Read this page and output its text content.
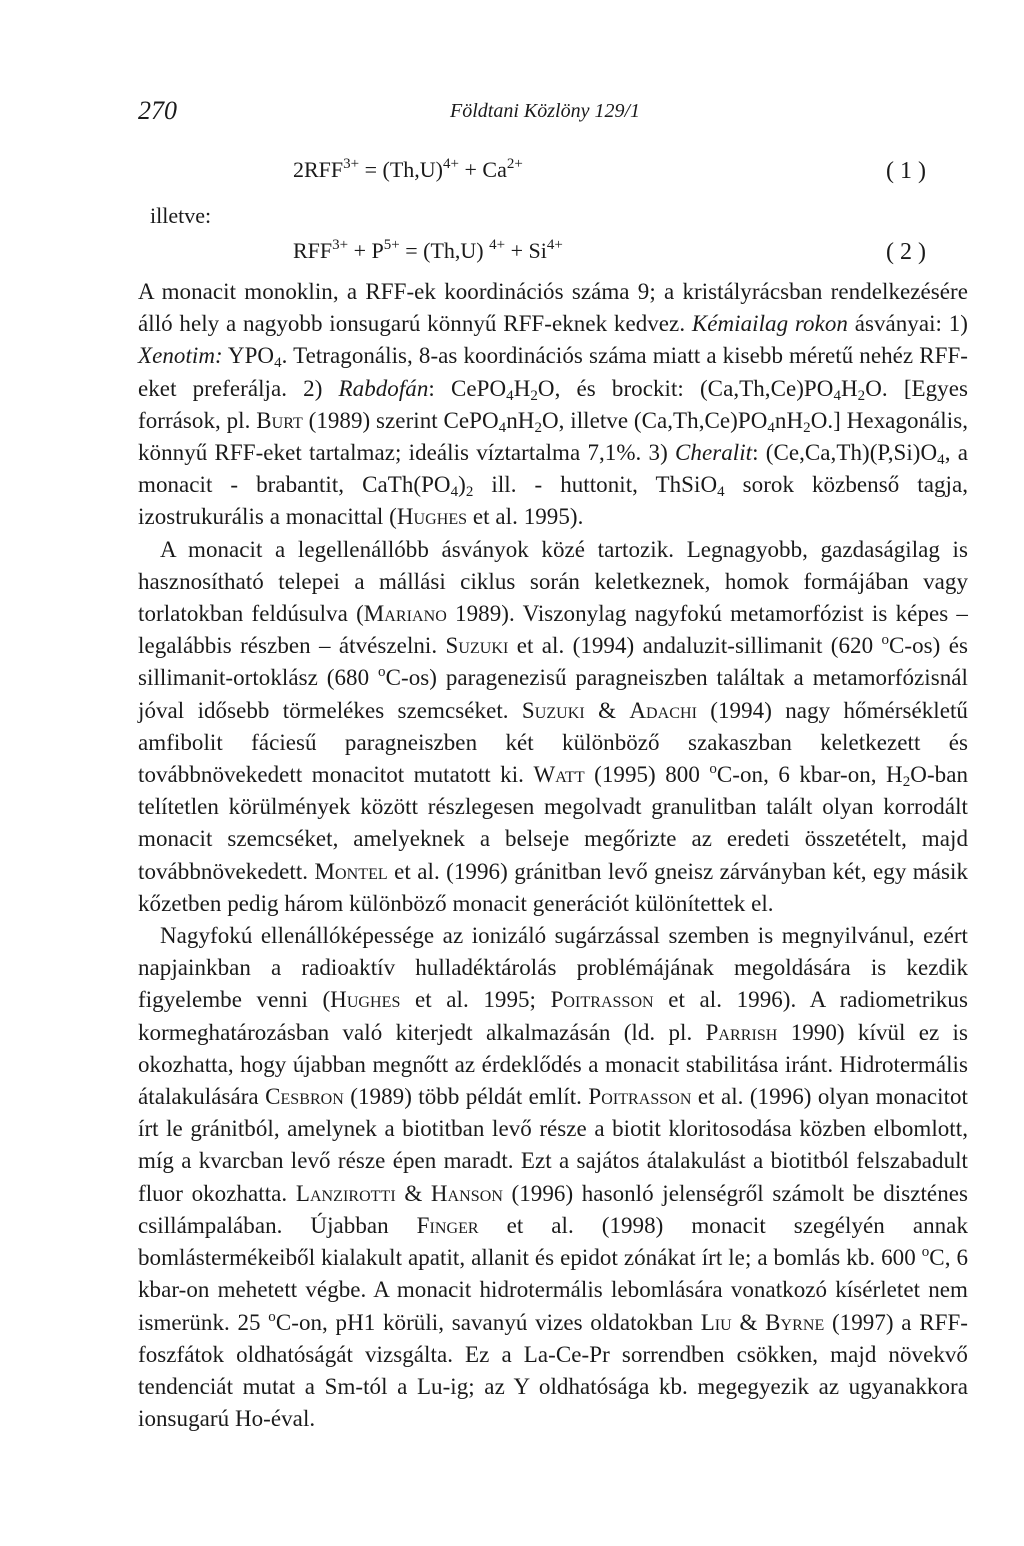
270	Földtani Közlöny 129/1
$2RFF^{3+} = (Th,U)^{4+} + Ca^{2+}$	( 1 )
illetve:
$RFF^{3+} + P^{5+} = (Th,U) ^{4+} + Si^{4+}$	( 2 )

A monacit monoklin, a RFF-ek koordinációs száma 9; a kristályrácsban rendelkezésére álló hely a nagyobb ionsugarú könnyű RFF-eknek kedvez. Kémiailag rokon ásványai: 1) Xenotim: $YPO_4$. Tetragonális, 8-as koordinációs száma miatt a kisebb méretű nehéz RFF-eket preferálja. 2) Rabdofán: $CePO_4H_2O$, és brockit: $(Ca,Th,Ce)PO_4H_2O$. [Egyes források, pl. Burt (1989) szerint $CePO_4nH_2O$, illetve $(Ca,Th,Ce)PO_4nH_2O$.] Hexagonális, könnyű RFF-eket tartalmaz; ideális víztartalma 7,1%. 3) Cheralit: $(Ce,Ca,Th)(P,Si)O_4$, a monacit - brabantit, $CaTh(PO_4)_2$ ill. - huttonit, ThSiO$_4$ sorok közbenső tagja, izostrukurális a monacittal (Hughes et al. 1995).

A monacit a legellenállóbb ásványok közé tartozik. Legnagyobb, gazdaságilag is hasznosítható telepei a mállási ciklus során keletkeznek, homok formájában vagy torlatokban feldúsulva (Mariano 1989). Viszonylag nagyfokú metamorfózist is képes – legalábbis részben – átvészelni. Suzuki et al. (1994) andaluzit-sillimanit (620 $^o$C-os) és sillimanit-ortoklász (680 $^o$C-os) paragenezisű paragneiszben találtak a metamorfózisnál jóval idősebb törmelékes szemcséket. Suzuki & Adachi (1994) nagy hőmérsékletű amfibolit fáciesű paragneiszben két különböző szakaszban keletkezett és továbbnövekedett monacitot mutatott ki. Watt (1995) 800 $^o$C-on, 6 kbar-on, $H_2O$-ban telítetlen körülmények között részlegesen megolvadt granulitban talált olyan korrodált monacit szemcséket, amelyeknek a belseje megőrizte az eredeti összetételt, majd továbbnövekedett. Montel et al. (1996) gránitban levő gneisz zárványban két, egy másik kőzetben pedig három különböző monacit generációt különítettek el.

Nagyfokú ellenállóképessége az ionizáló sugárzással szemben is megnyilvánul, ezért napjainkban a radioaktív hulladéktárolás problémájának megoldására is kezdik figyelembe venni (Hughes et al. 1995; Poitrasson et al. 1996). A radiometrikus kormeghatározásban való kiterjedt alkalmazásán (ld. pl. Parrish 1990) kívül ez is okozhatta, hogy újabban megnőtt az érdeklődés a monacit stabilitása iránt. Hidrotermális átalakulására Cesbron (1989) több példát említ. Poitrasson et al. (1996) olyan monacitot írt le gránitból, amelynek a biotitban levő része a biotit kloritosodása közben elbomlott, míg a kvarcban levő része épen maradt. Ezt a sajátos átalakulást a biotitból felszabadult fluor okozhatta. Lanzirotti & Hanson (1996) hasonló jelenségről számolt be disztén​es csillámpalában. Újabban Finger et al. (1998) monacit szegélyén annak bomlástermékeiből kialakult apatit, allanit és epidot zónákat írt le; a bomlás kb. 600 $^o$C, 6 kbar-on mehetett végbe. A monacit hidrotermális lebomlására vonatkozó kísérletet nem ismerünk. 25 $^o$C-on, pH1 körüli, savanyú vizes oldatokban Liu & Byrne (1997) a RFF-foszfátok oldhatóságát vizsgálta. Ez a La-Ce-Pr sorrendben csökken, majd növekvő tendenciát mutat a Sm-tól a Lu-ig; az Y oldhatósága kb. megegyezik az ugyanakkora ionsugarú Ho-éval.
